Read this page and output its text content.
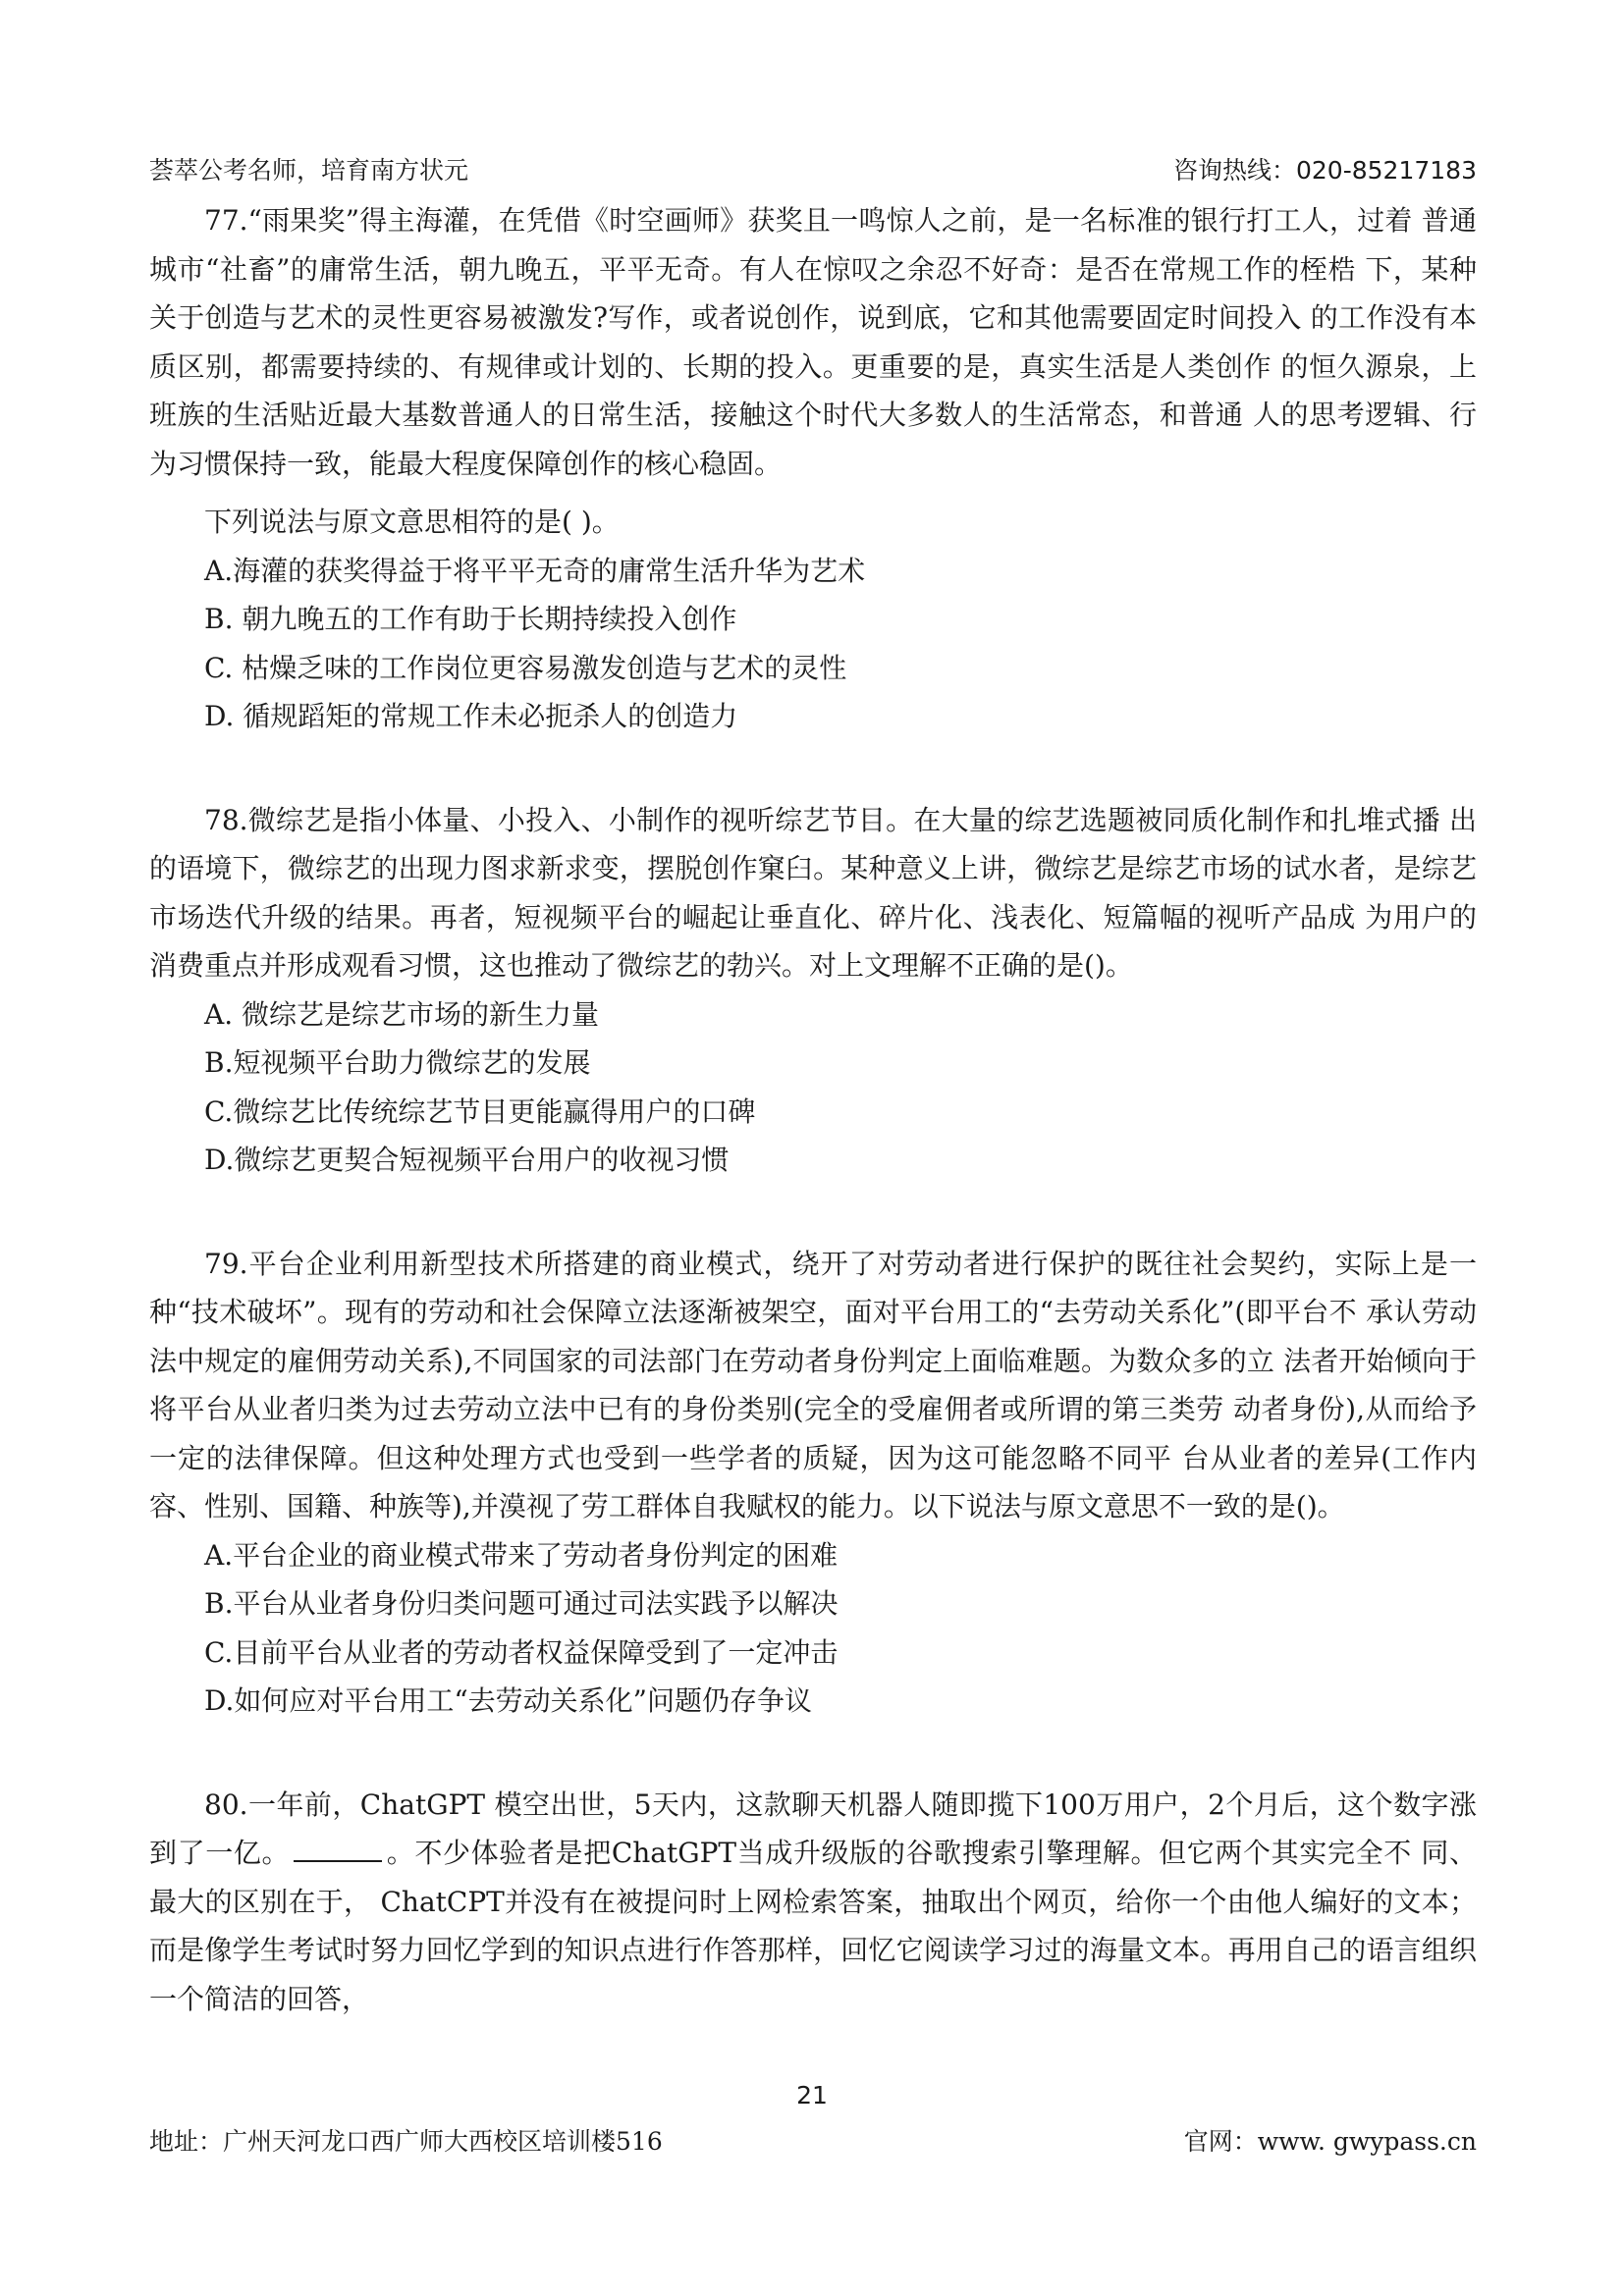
荟萃公考名师，培育南方状元	咨询热线：020-85217183

77.“雨果奖”得主海灌，在凭借《时空画师》获奖且一鸣惊人之前，是一名标准的银行打工人，过着 普通城市“社畜”的庸常生活，朝九晚五，平平无奇。有人在惊叹之余忍不好奇：是否在常规工作的桎梏 下，某种关于创造与艺术的灵性更容易被激发?写作，或者说创作，说到底，它和其他需要固定时间投入 的工作没有本质区别，都需要持续的、有规律或计划的、长期的投入。更重要的是，真实生活是人类创作 的恒久源泉，上班族的生活贴近最大基数普通人的日常生活，接触这个时代大多数人的生活常态，和普通 人的思考逻辑、行为习惯保持一致，能最大程度保障创作的核心稳固。

下列说法与原文意思相符的是( )。

A.海灌的获奖得益于将平平无奇的庸常生活升华为艺术
B. 朝九晚五的工作有助于长期持续投入创作
C. 枯燥乏味的工作岗位更容易激发创造与艺术的灵性
D. 循规蹈矩的常规工作未必扼杀人的创造力

78.微综艺是指小体量、小投入、小制作的视听综艺节目。在大量的综艺选题被同质化制作和扎堆式播 出的语境下，微综艺的出现力图求新求变，摆脱创作窠臼。某种意义上讲，微综艺是综艺市场的试水者，是综艺市场迭代升级的结果。再者，短视频平台的崛起让垂直化、碎片化、浅表化、短篇幅的视听产品成 为用户的消费重点并形成观看习惯，这也推动了微综艺的勃兴。对上文理解不正确的是()。

A. 微综艺是综艺市场的新生力量
B.短视频平台助力微综艺的发展
C.微综艺比传统综艺节目更能赢得用户的口碑
D.微综艺更契合短视频平台用户的收视习惯

79.平台企业利用新型技术所搭建的商业模式，绕开了对劳动者进行保护的既往社会契约，实际上是一 种“技术破坏”。现有的劳动和社会保障立法逐渐被架空，面对平台用工的“去劳动关系化”(即平台不 承认劳动法中规定的雇佣劳动关系),不同国家的司法部门在劳动者身份判定上面临难题。为数众多的立 法者开始倾向于将平台从业者归类为过去劳动立法中已有的身份类别(完全的受雇佣者或所谓的第三类劳 动者身份),从而给予一定的法律保障。但这种处理方式也受到一些学者的质疑，因为这可能忽略不同平 台从业者的差异(工作内容、性别、国籍、种族等),并漠视了劳工群体自我赋权的能力。以下说法与原文意思不一致的是()。

A.平台企业的商业模式带来了劳动者身份判定的困难
B.平台从业者身份归类问题可通过司法实践予以解决
C.目前平台从业者的劳动者权益保障受到了一定冲击
D.如何应对平台用工“去劳动关系化”问题仍存争议

80.一年前，ChatGPT 模空出世，5天内，这款聊天机器人随即揽下100万用户，2个月后，这个数字涨到了一亿。	。不少体验者是把ChatGPT当成升级版的谷歌搜索引擎理解。但它两个其实完全不 同、最大的区别在于， ChatCPT并没有在被提问时上网检索答案，抽取出个网页，给你一个由他人编好的文本；而是像学生考试时努力回忆学到的知识点进行作答那样，回忆它阅读学习过的海量文本。再用自己的语言组织一个简洁的回答，

21
地址：广州天河龙口西广师大西校区培训楼516	官网：www. gwypass.cn
